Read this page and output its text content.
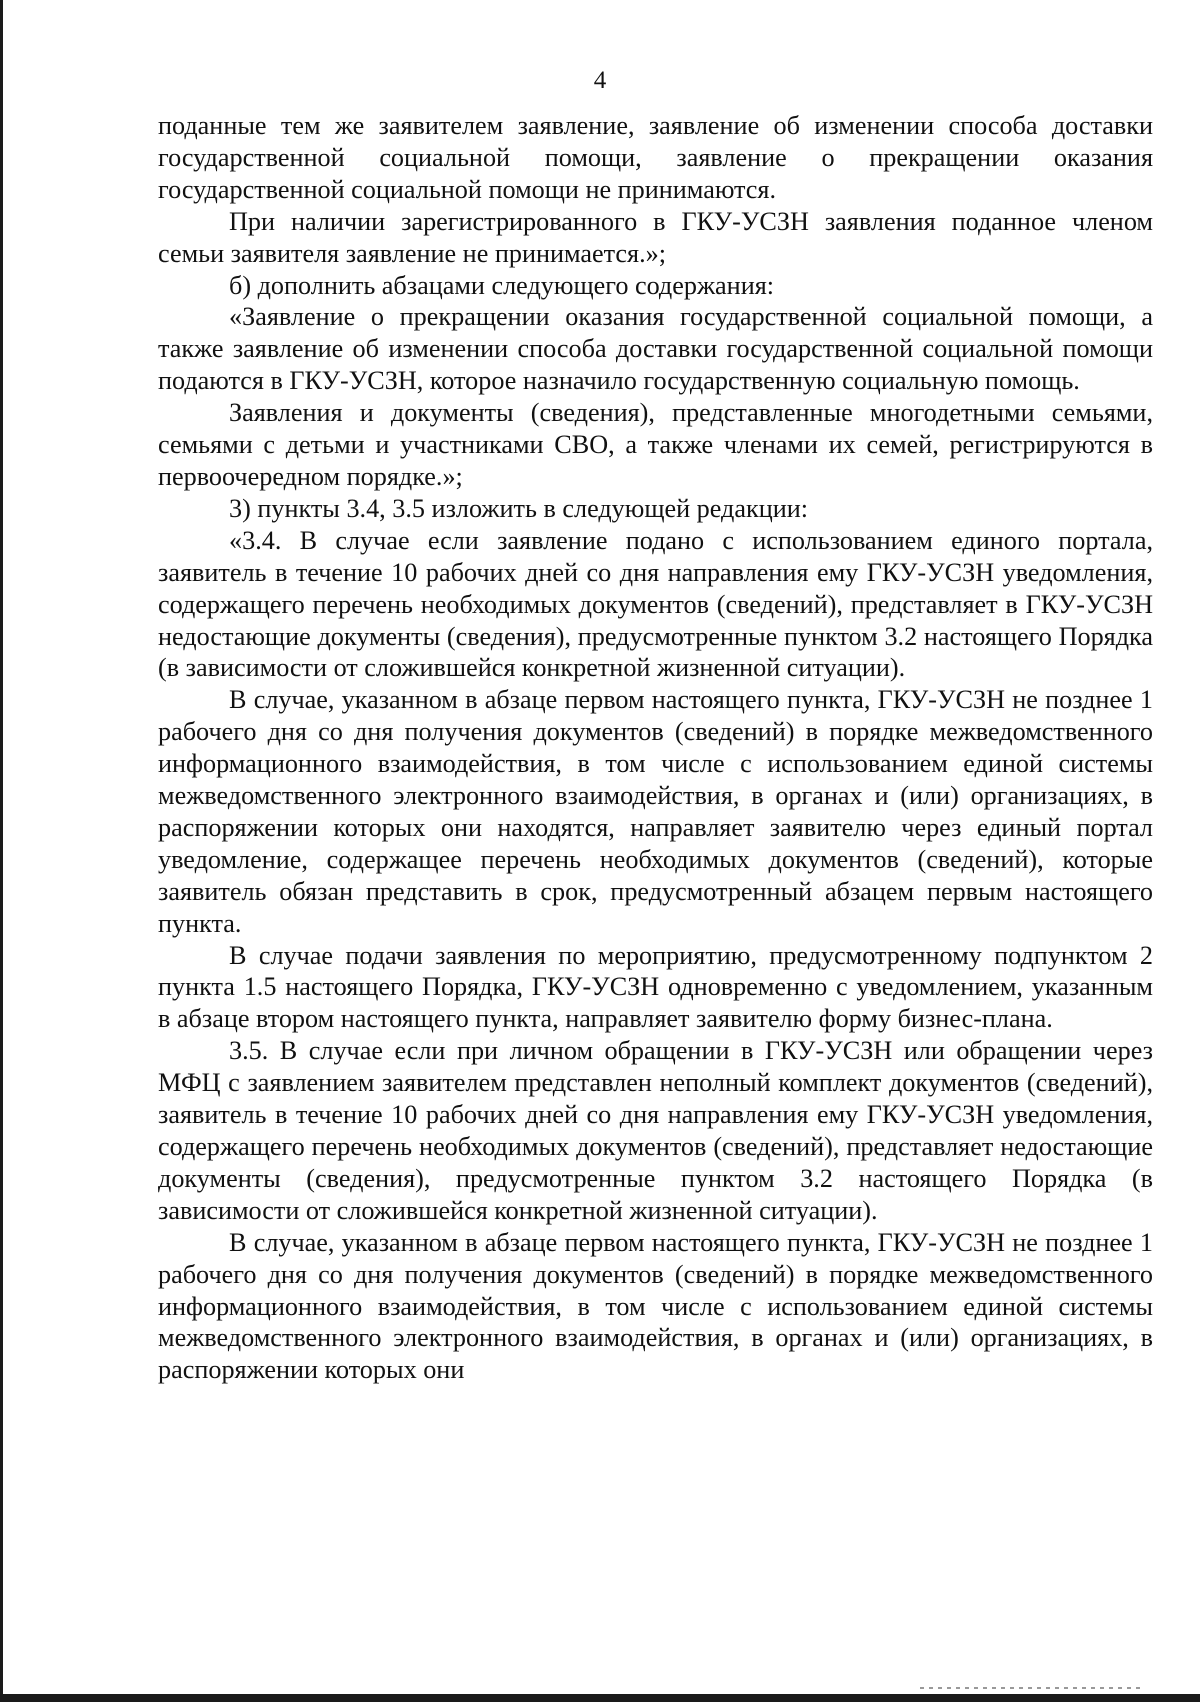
4

поданные тем же заявителем заявление, заявление об изменении способа доставки государственной социальной помощи, заявление о прекращении оказания государственной социальной помощи не принимаются.

При наличии зарегистрированного в ГКУ-УСЗН заявления поданное членом семьи заявителя заявление не принимается.»;

б) дополнить абзацами следующего содержания:

«Заявление о прекращении оказания государственной социальной помощи, а также заявление об изменении способа доставки государственной социальной помощи подаются в ГКУ-УСЗН, которое назначило государственную социальную помощь.

Заявления и документы (сведения), представленные многодетными семьями, семьями с детьми и участниками СВО, а также членами их семей, регистрируются в первоочередном порядке.»;

3) пункты 3.4, 3.5 изложить в следующей редакции:

«3.4. В случае если заявление подано с использованием единого портала, заявитель в течение 10 рабочих дней со дня направления ему ГКУ-УСЗН уведомления, содержащего перечень необходимых документов (сведений), представляет в ГКУ-УСЗН недостающие документы (сведения), предусмотренные пунктом 3.2 настоящего Порядка (в зависимости от сложившейся конкретной жизненной ситуации).

В случае, указанном в абзаце первом настоящего пункта, ГКУ-УСЗН не позднее 1 рабочего дня со дня получения документов (сведений) в порядке межведомственного информационного взаимодействия, в том числе с использованием единой системы межведомственного электронного взаимодействия, в органах и (или) организациях, в распоряжении которых они находятся, направляет заявителю через единый портал уведомление, содержащее перечень необходимых документов (сведений), которые заявитель обязан представить в срок, предусмотренный абзацем первым настоящего пункта.

В случае подачи заявления по мероприятию, предусмотренному подпунктом 2 пункта 1.5 настоящего Порядка, ГКУ-УСЗН одновременно с уведомлением, указанным в абзаце втором настоящего пункта, направляет заявителю форму бизнес-плана.

3.5. В случае если при личном обращении в ГКУ-УСЗН или обращении через МФЦ с заявлением заявителем представлен неполный комплект документов (сведений), заявитель в течение 10 рабочих дней со дня направления ему ГКУ-УСЗН уведомления, содержащего перечень необходимых документов (сведений), представляет недостающие документы (сведения), предусмотренные пунктом 3.2 настоящего Порядка (в зависимости от сложившейся конкретной жизненной ситуации).

В случае, указанном в абзаце первом настоящего пункта, ГКУ-УСЗН не позднее 1 рабочего дня со дня получения документов (сведений) в порядке межведомственного информационного взаимодействия, в том числе с использованием единой системы межведомственного электронного взаимодействия, в органах и (или) организациях, в распоряжении которых они
